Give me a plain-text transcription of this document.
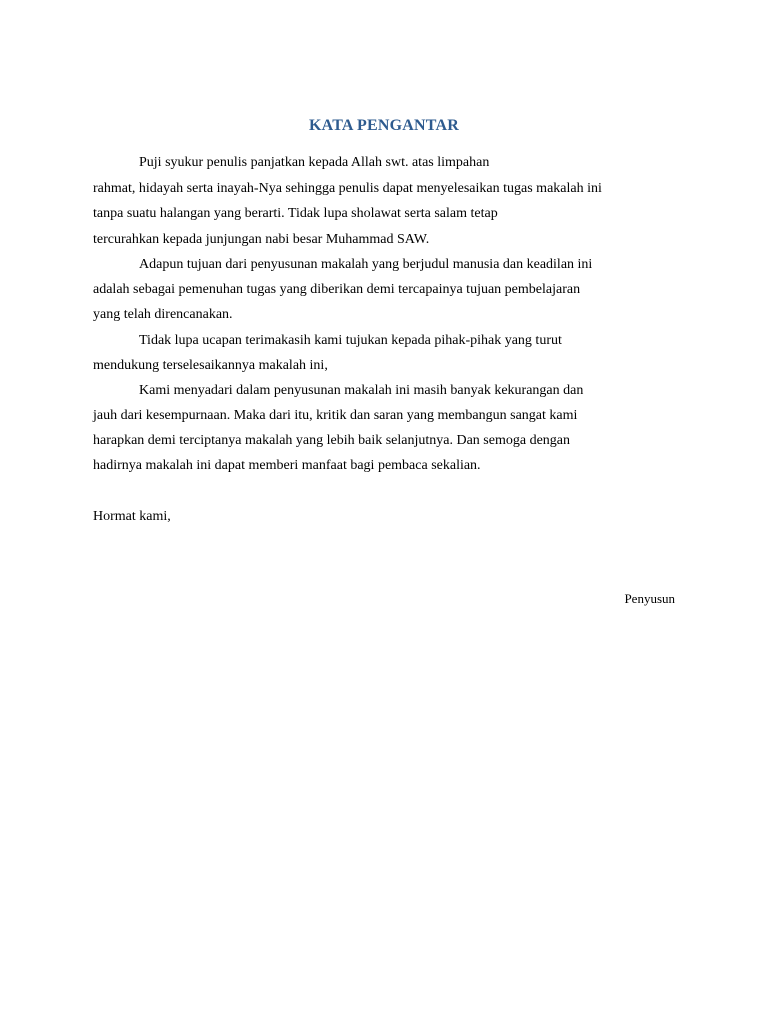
KATA PENGANTAR
Puji syukur penulis panjatkan kepada Allah swt. atas limpahan
rahmat, hidayah serta inayah-Nya sehingga penulis dapat menyelesaikan tugas makalah ini
tanpa suatu halangan yang berarti. Tidak lupa sholawat serta salam tetap
tercurahkan kepada junjungan nabi besar Muhammad SAW.
Adapun tujuan dari penyusunan makalah yang berjudul manusia dan keadilan ini
adalah sebagai pemenuhan tugas yang diberikan demi tercapainya tujuan pembelajaran
yang telah direncanakan.
Tidak lupa ucapan terimakasih kami tujukan kepada pihak-pihak yang turut
mendukung terselesaikannya makalah ini,
Kami menyadari dalam penyusunan makalah ini masih banyak kekurangan dan
jauh dari kesempurnaan. Maka dari itu, kritik dan saran yang membangun sangat kami
harapkan demi terciptanya makalah yang lebih baik selanjutnya. Dan semoga dengan
hadirnya makalah ini dapat memberi manfaat bagi pembaca sekalian.
Hormat kami,
Penyusun
